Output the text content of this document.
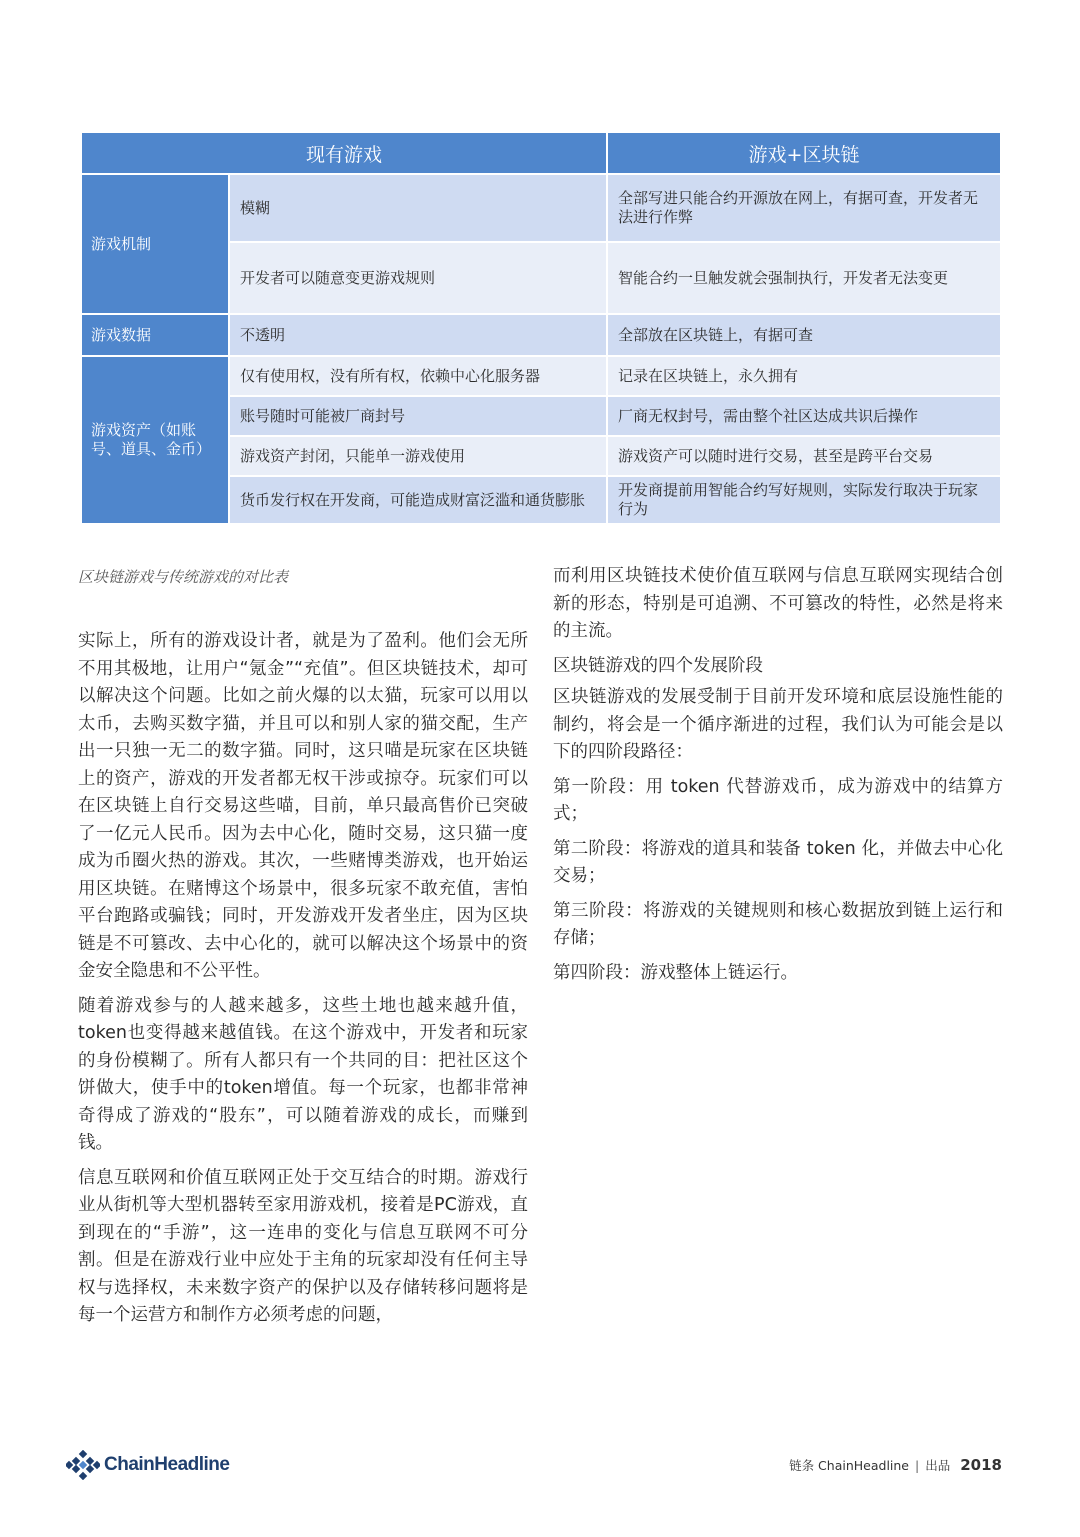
现有游戏		游戏+区块链
游戏机制	模糊	全部写进只能合约开源放在网上，有据可查，开发者无法进行作弊
	开发者可以随意变更游戏规则	智能合约一旦触发就会强制执行，开发者无法变更
游戏数据	不透明	全部放在区块链上，有据可查
游戏资产（如账号、道具、金币）	仅有使用权，没有所有权，依赖中心化服务器	记录在区块链上，永久拥有
	账号随时可能被厂商封号	厂商无权封号，需由整个社区达成共识后操作
	游戏资产封闭，只能单一游戏使用	游戏资产可以随时进行交易，甚至是跨平台交易
	货币发行权在开发商，可能造成财富泛滥和通货膨胀	开发商提前用智能合约写好规则，实际发行取决于玩家行为

区块链游戏与传统游戏的对比表

实际上，所有的游戏设计者，就是为了盈利。他们会无所不用其极地，让用户“氪金”“充值”。但区块链技术，却可以解决这个问题。比如之前火爆的以太猫，玩家可以用以太币，去购买数字猫，并且可以和别人家的猫交配，生产出一只独一无二的数字猫。同时，这只喵是玩家在区块链上的资产，游戏的开发者都无权干涉或掠夺。玩家们可以在区块链上自行交易这些喵，目前，单只最高售价已突破了一亿元人民币。因为去中心化，随时交易，这只猫一度成为币圈火热的游戏。其次，一些赌博类游戏，也开始运用区块链。在赌博这个场景中，很多玩家不敢充值，害怕平台跑路或骗钱；同时，开发游戏开发者坐庄，因为区块链是不可篡改、去中心化的，就可以解决这个场景中的资金安全隐患和不公平性。

随着游戏参与的人越来越多，这些土地也越来越升值，token也变得越来越值钱。在这个游戏中，开发者和玩家的身份模糊了。所有人都只有一个共同的目：把社区这个饼做大，使手中的token增值。每一个玩家，也都非常神奇得成了游戏的“股东”，可以随着游戏的成长，而赚到钱。

信息互联网和价值互联网正处于交互结合的时期。游戏行业从街机等大型机器转至家用游戏机，接着是PC游戏，直到现在的“手游”，这一连串的变化与信息互联网不可分割。但是在游戏行业中应处于主角的玩家却没有任何主导权与选择权，未来数字资产的保护以及存储转移问题将是每一个运营方和制作方必须考虑的问题，

而利用区块链技术使价值互联网与信息互联网实现结合创新的形态，特别是可追溯、不可篡改的特性，必然是将来的主流。

区块链游戏的四个发展阶段

区块链游戏的发展受制于目前开发环境和底层设施性能的制约，将会是一个循序渐进的过程，我们认为可能会是以下的四阶段路径：

第一阶段：用 token 代替游戏币，成为游戏中的结算方式；

第二阶段：将游戏的道具和装备 token 化，并做去中心化交易；

第三阶段：将游戏的关键规则和核心数据放到链上运行和存储；

第四阶段：游戏整体上链运行。

ChainHeadline	链条 ChainHeadline | 出品 2018
